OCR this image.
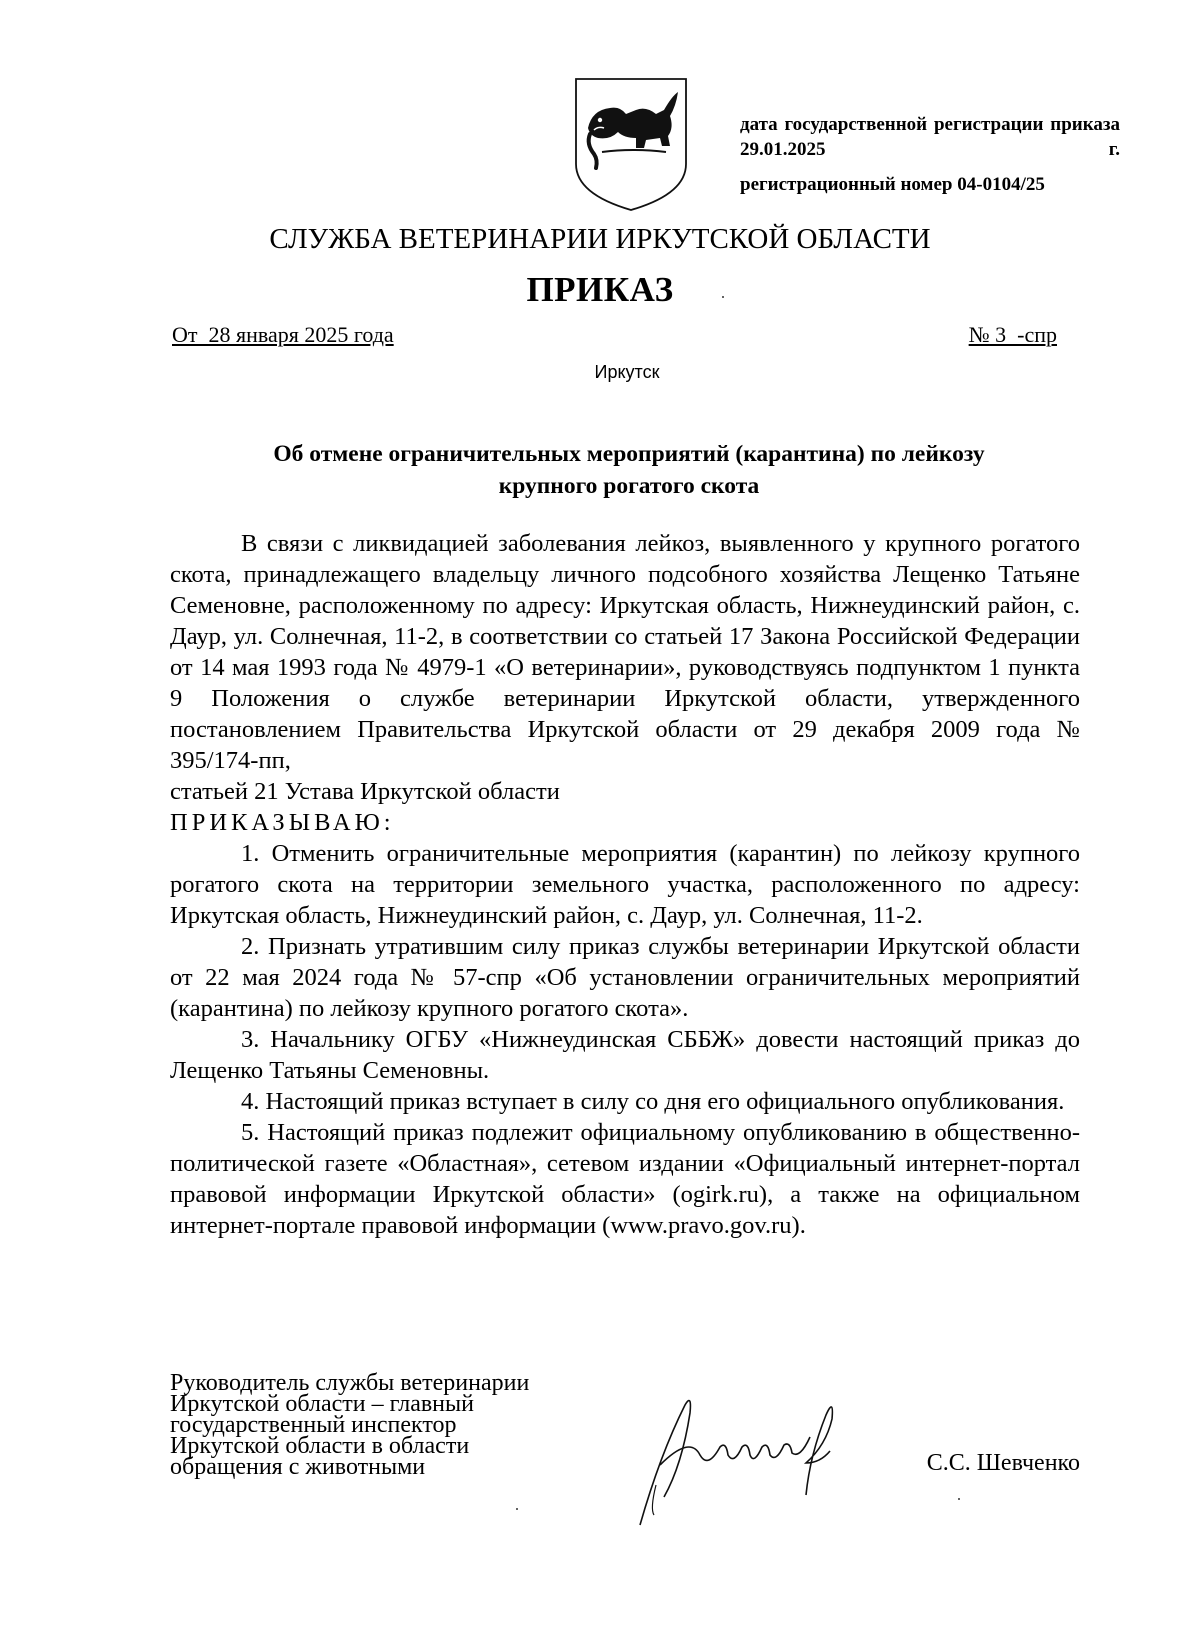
дата государственной регистрации приказа 29.01.2025 г.
регистрационный номер 04-0104/25
СЛУЖБА ВЕТЕРИНАРИИ ИРКУТСКОЙ ОБЛАСТИ
ПРИКАЗ
От  28 января 2025 года	№ 3  -спр
Иркутск
Об отмене ограничительных мероприятий (карантина) по лейкозу
крупного рогатого скота

В связи с ликвидацией заболевания лейкоз, выявленного у крупного рогатого скота, принадлежащего владельцу личного подсобного хозяйства Лещенко Татьяне Семеновне, расположенному по адресу: Иркутская область, Нижнеудинский район, с. Даур, ул. Солнечная, 11-2, в соответствии со статьей 17 Закона Российской Федерации от 14 мая 1993 года № 4979-1 «О ветеринарии», руководствуясь подпунктом 1 пункта 9 Положения о службе ветеринарии Иркутской области, утвержденного постановлением Правительства Иркутской области от 29 декабря 2009 года № 395/174-пп,

статьей 21 Устава Иркутской области

ПРИКАЗЫВАЮ:

1. Отменить ограничительные мероприятия (карантин) по лейкозу крупного рогатого скота на территории земельного участка, расположенного по адресу: Иркутская область, Нижнеудинский район, с. Даур, ул. Солнечная, 11-2.

2. Признать утратившим силу приказ службы ветеринарии Иркутской области от 22 мая 2024 года № 57-спр «Об установлении ограничительных мероприятий (карантина) по лейкозу крупного рогатого скота».

3. Начальнику ОГБУ «Нижнеудинская СББЖ» довести настоящий приказ до Лещенко Татьяны Семеновны.

4. Настоящий приказ вступает в силу со дня его официального опубликования.

5. Настоящий приказ подлежит официальному опубликованию в общественно-политической газете «Областная», сетевом издании «Официальный интернет-портал правовой информации Иркутской области» (ogirk.ru), а также на официальном интернет-портале правовой информации (www.pravo.gov.ru).

Руководитель службы ветеринарии
Иркутской области – главный
государственный инспектор
Иркутской области в области
обращения с животными	С.С. Шевченко
